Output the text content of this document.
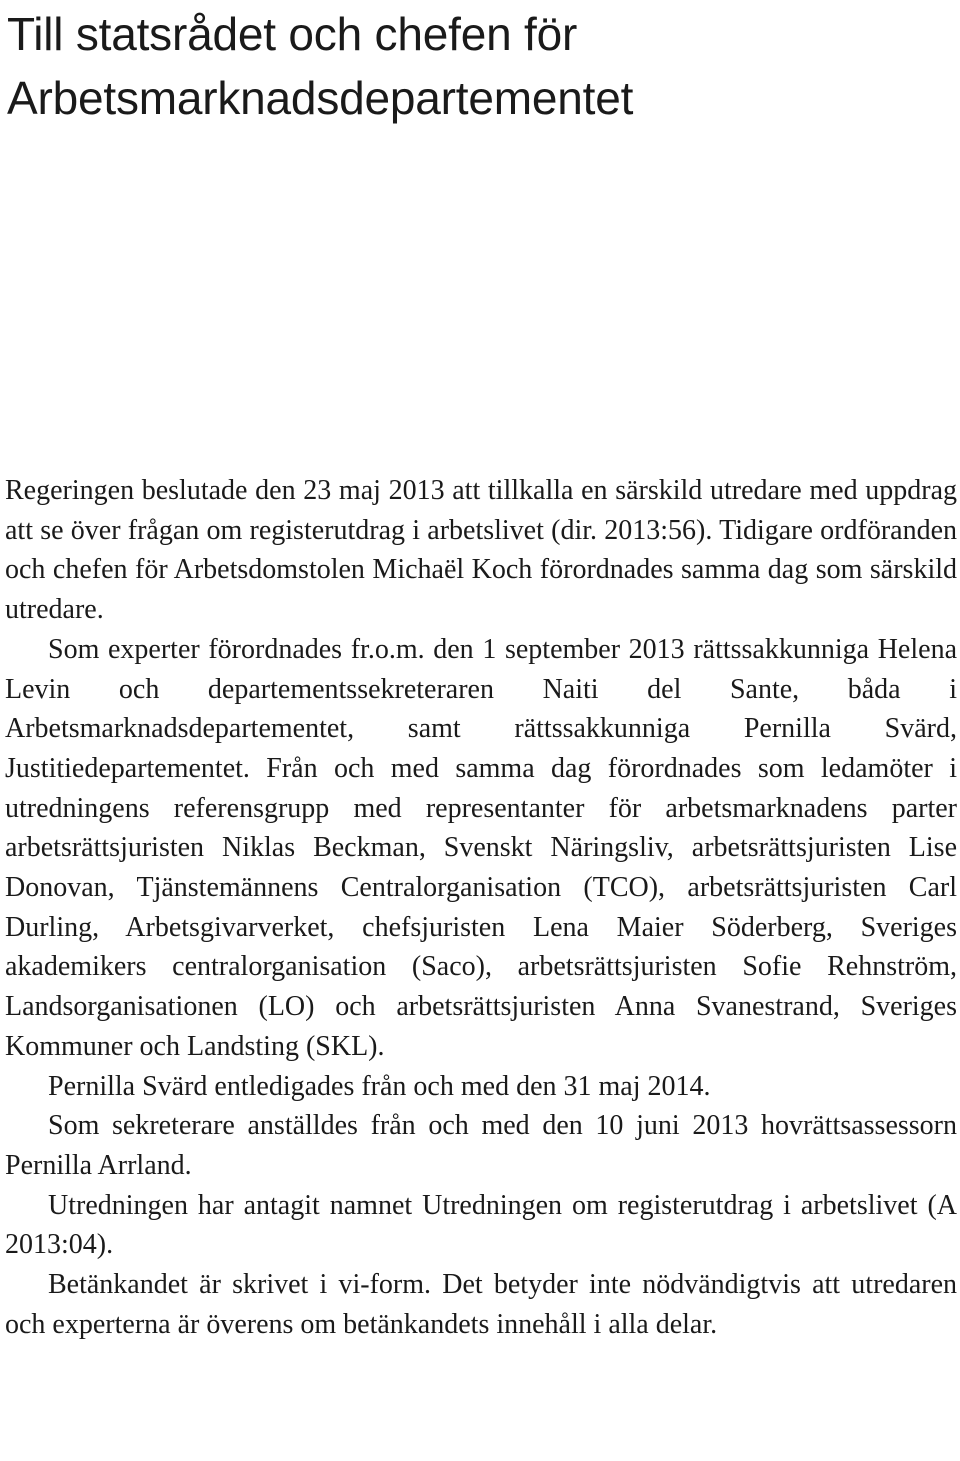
Till statsrådet och chefen för Arbetsmarknadsdepartementet

Regeringen beslutade den 23 maj 2013 att tillkalla en särskild utredare med uppdrag att se över frågan om registerutdrag i arbetslivet (dir. 2013:56). Tidigare ordföranden och chefen för Arbetsdomstolen Michaël Koch förordnades samma dag som särskild utredare.

Som experter förordnades fr.o.m. den 1 september 2013 rättssakkunniga Helena Levin och departementssekreteraren Naiti del Sante, båda i Arbetsmarknadsdepartementet, samt rättssakkunniga Pernilla Svärd, Justitiedepartementet. Från och med samma dag förordnades som ledamöter i utredningens referensgrupp med representanter för arbetsmarknadens parter arbetsrättsjuristen Niklas Beckman, Svenskt Näringsliv, arbetsrättsjuristen Lise Donovan, Tjänstemännens Centralorganisation (TCO), arbetsrättsjuristen Carl Durling, Arbetsgivarverket, chefsjuristen Lena Maier Söderberg, Sveriges akademikers centralorganisation (Saco), arbetsrättsjuristen Sofie Rehnström, Landsorganisationen (LO) och arbetsrättsjuristen Anna Svanestrand, Sveriges Kommuner och Landsting (SKL).

Pernilla Svärd entledigades från och med den 31 maj 2014.

Som sekreterare anställdes från och med den 10 juni 2013 hovrättsassessorn Pernilla Arrland.

Utredningen har antagit namnet Utredningen om registerutdrag i arbetslivet (A 2013:04).

Betänkandet är skrivet i vi-form. Det betyder inte nödvändigtvis att utredaren och experterna är överens om betänkandets innehåll i alla delar.
